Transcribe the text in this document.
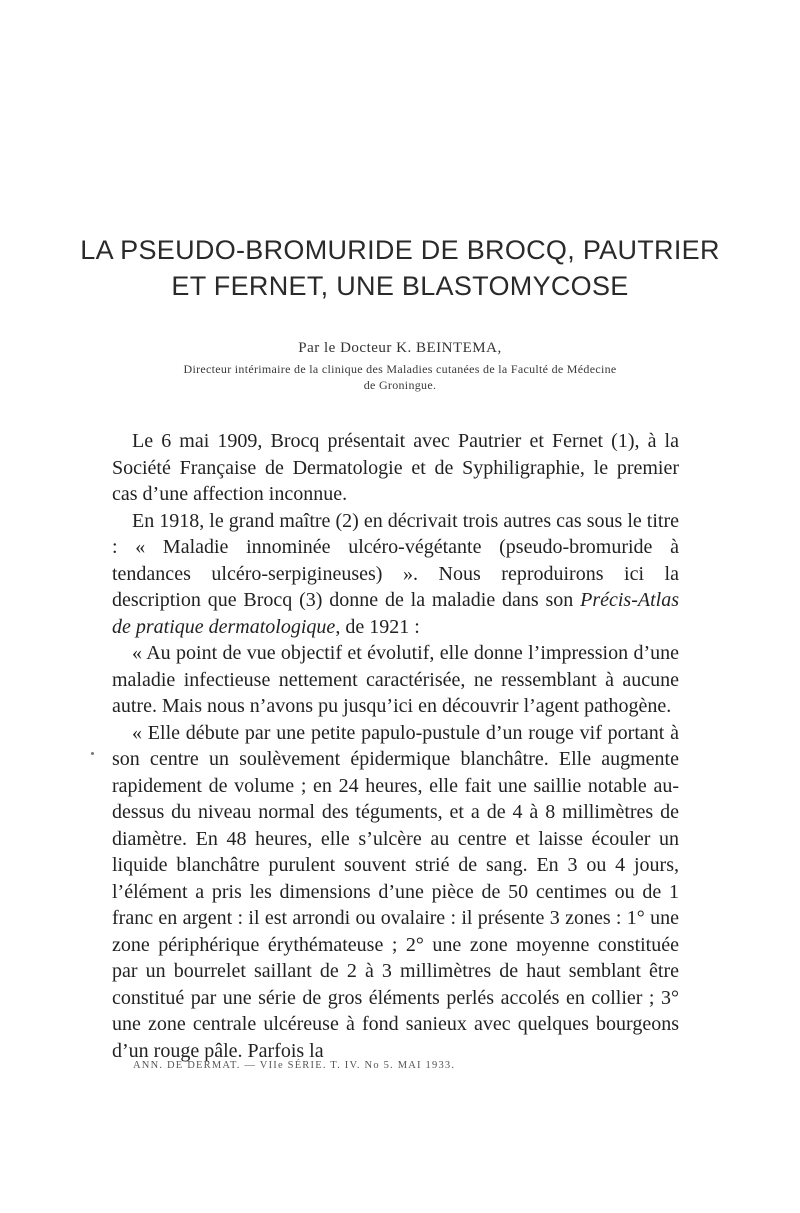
LA PSEUDO-BROMURIDE DE BROCQ, PAUTRIER
ET FERNET, UNE BLASTOMYCOSE
Par le Docteur K. BEINTEMA,
Directeur intérimaire de la clinique des Maladies cutanées de la Faculté de Médecine
de Groningue.

Le 6 mai 1909, Brocq présentait avec Pautrier et Fernet (1), à la Société Française de Dermatologie et de Syphiligraphie, le premier cas d’une affection inconnue.

En 1918, le grand maître (2) en décrivait trois autres cas sous le titre : « Maladie innominée ulcéro-végétante (pseudo-bromuride à tendances ulcéro-serpigineuses) ». Nous reproduirons ici la description que Brocq (3) donne de la maladie dans son Précis-Atlas de pratique dermatologique, de 1921 :

« Au point de vue objectif et évolutif, elle donne l’impression d’une maladie infectieuse nettement caractérisée, ne ressemblant à aucune autre. Mais nous n’avons pu jusqu’ici en découvrir l’agent pathogène.

« Elle débute par une petite papulo-pustule d’un rouge vif portant à son centre un soulèvement épidermique blanchâtre. Elle augmente rapidement de volume ; en 24 heures, elle fait une saillie notable au-dessus du niveau normal des téguments, et a de 4 à 8 millimètres de diamètre. En 48 heures, elle s’ulcère au centre et laisse écouler un liquide blanchâtre purulent souvent strié de sang. En 3 ou 4 jours, l’élément a pris les dimensions d’une pièce de 50 centimes ou de 1 franc en argent : il est arrondi ou ovalaire : il présente 3 zones : 1° une zone périphérique érythémateuse ; 2° une zone moyenne constituée par un bourrelet saillant de 2 à 3 millimètres de haut semblant être constitué par une série de gros éléments perlés accolés en collier ; 3° une zone centrale ulcéreuse à fond sanieux avec quelques bourgeons d’un rouge pâle. Parfois la

ANN. DE DERMAT. — VIIe SÉRIE. T. IV. No 5. MAI 1933.
